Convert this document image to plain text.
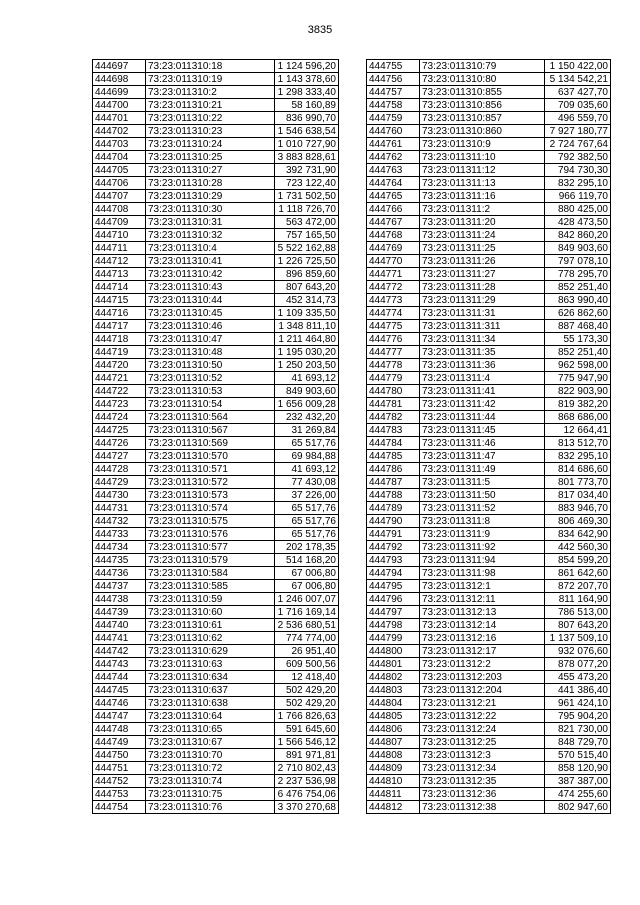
3835
444697	73:23:011310:18	1 124 596,20
444698	73:23:011310:19	1 143 378,60
444699	73:23:011310:2	1 298 333,40
444700	73:23:011310:21	58 160,89
444701	73:23:011310:22	836 990,70
444702	73:23:011310:23	1 546 638,54
444703	73:23:011310:24	1 010 727,90
444704	73:23:011310:25	3 883 828,61
444705	73:23:011310:27	392 731,90
444706	73:23:011310:28	723 122,40
444707	73:23:011310:29	1 731 502,50
444708	73:23:011310:30	1 118 726,70
444709	73:23:011310:31	563 472,00
444710	73:23:011310:32	757 165,50
444711	73:23:011310:4	5 522 162,88
444712	73:23:011310:41	1 226 725,50
444713	73:23:011310:42	896 859,60
444714	73:23:011310:43	807 643,20
444715	73:23:011310:44	452 314,73
444716	73:23:011310:45	1 109 335,50
444717	73:23:011310:46	1 348 811,10
444718	73:23:011310:47	1 211 464,80
444719	73:23:011310:48	1 195 030,20
444720	73:23:011310:50	1 250 203,50
444721	73:23:011310:52	41 693,12
444722	73:23:011310:53	849 903,60
444723	73:23:011310:54	1 656 009,28
444724	73:23:011310:564	232 432,20
444725	73:23:011310:567	31 269,84
444726	73:23:011310:569	65 517,76
444727	73:23:011310:570	69 984,88
444728	73:23:011310:571	41 693,12
444729	73:23:011310:572	77 430,08
444730	73:23:011310:573	37 226,00
444731	73:23:011310:574	65 517,76
444732	73:23:011310:575	65 517,76
444733	73:23:011310:576	65 517,76
444734	73:23:011310:577	202 178,35
444735	73:23:011310:579	514 168,20
444736	73:23:011310:584	67 006,80
444737	73:23:011310:585	67 006,80
444738	73:23:011310:59	1 246 007,07
444739	73:23:011310:60	1 716 169,14
444740	73:23:011310:61	2 536 680,51
444741	73:23:011310:62	774 774,00
444742	73:23:011310:629	26 951,40
444743	73:23:011310:63	609 500,56
444744	73:23:011310:634	12 418,40
444745	73:23:011310:637	502 429,20
444746	73:23:011310:638	502 429,20
444747	73:23:011310:64	1 766 826,63
444748	73:23:011310:65	591 645,60
444749	73:23:011310:67	1 566 546,12
444750	73:23:011310:70	891 971,81
444751	73:23:011310:72	2 710 802,43
444752	73:23:011310:74	2 237 536,98
444753	73:23:011310:75	6 476 754,06
444754	73:23:011310:76	3 370 270,68
444755	73:23:011310:79	1 150 422,00
444756	73:23:011310:80	5 134 542,21
444757	73:23:011310:855	637 427,70
444758	73:23:011310:856	709 035,60
444759	73:23:011310:857	496 559,70
444760	73:23:011310:860	7 927 180,77
444761	73:23:011310:9	2 724 767,64
444762	73:23:011311:10	792 382,50
444763	73:23:011311:12	794 730,30
444764	73:23:011311:13	832 295,10
444765	73:23:011311:16	966 119,70
444766	73:23:011311:2	880 425,00
444767	73:23:011311:20	428 473,50
444768	73:23:011311:24	842 860,20
444769	73:23:011311:25	849 903,60
444770	73:23:011311:26	797 078,10
444771	73:23:011311:27	778 295,70
444772	73:23:011311:28	852 251,40
444773	73:23:011311:29	863 990,40
444774	73:23:011311:31	626 862,60
444775	73:23:011311:311	887 468,40
444776	73:23:011311:34	55 173,30
444777	73:23:011311:35	852 251,40
444778	73:23:011311:36	962 598,00
444779	73:23:011311:4	775 947,90
444780	73:23:011311:41	822 903,90
444781	73:23:011311:42	819 382,20
444782	73:23:011311:44	868 686,00
444783	73:23:011311:45	12 664,41
444784	73:23:011311:46	813 512,70
444785	73:23:011311:47	832 295,10
444786	73:23:011311:49	814 686,60
444787	73:23:011311:5	801 773,70
444788	73:23:011311:50	817 034,40
444789	73:23:011311:52	883 946,70
444790	73:23:011311:8	806 469,30
444791	73:23:011311:9	834 642,90
444792	73:23:011311:92	442 560,30
444793	73:23:011311:94	854 599,20
444794	73:23:011311:98	861 642,60
444795	73:23:011312:1	872 207,70
444796	73:23:011312:11	811 164,90
444797	73:23:011312:13	786 513,00
444798	73:23:011312:14	807 643,20
444799	73:23:011312:16	1 137 509,10
444800	73:23:011312:17	932 076,60
444801	73:23:011312:2	878 077,20
444802	73:23:011312:203	455 473,20
444803	73:23:011312:204	441 386,40
444804	73:23:011312:21	961 424,10
444805	73:23:011312:22	795 904,20
444806	73:23:011312:24	821 730,00
444807	73:23:011312:25	848 729,70
444808	73:23:011312:3	570 515,40
444809	73:23:011312:34	858 120,90
444810	73:23:011312:35	387 387,00
444811	73:23:011312:36	474 255,60
444812	73:23:011312:38	802 947,60
